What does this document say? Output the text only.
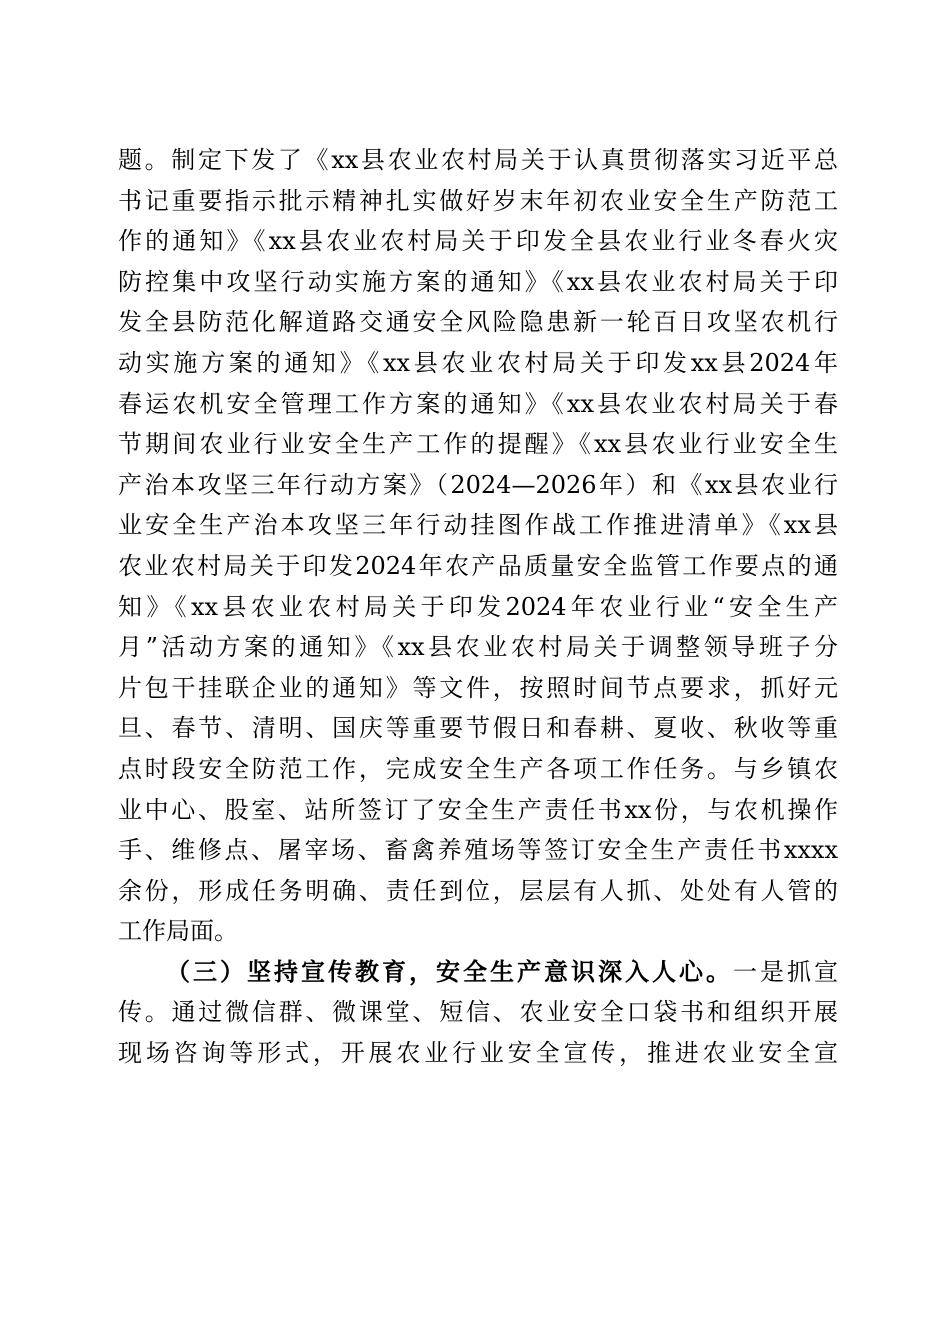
题。制定下发了《xx县农业农村局关于认真贯彻落实习近平总
书记重要指示批示精神扎实做好岁末年初农业安全生产防范工
作的通知》《xx县农业农村局关于印发全县农业行业冬春火灾
防控集中攻坚行动实施方案的通知》《xx县农业农村局关于印
发全县防范化解道路交通安全风险隐患新一轮百日攻坚农机行
动实施方案的通知》《xx县农业农村局关于印发xx县2024年
春运农机安全管理工作方案的通知》《xx县农业农村局关于春
节期间农业行业安全生产工作的提醒》《xx县农业行业安全生
产治本攻坚三年行动方案》（2024—2026年）和《xx县农业行
业安全生产治本攻坚三年行动挂图作战工作推进清单》《xx县
农业农村局关于印发2024年农产品质量安全监管工作要点的通
知》《xx县农业农村局关于印发2024年农业行业“安全生产
月”活动方案的通知》《xx县农业农村局关于调整领导班子分
片包干挂联企业的通知》等文件，按照时间节点要求，抓好元
旦、春节、清明、国庆等重要节假日和春耕、夏收、秋收等重
点时段安全防范工作，完成安全生产各项工作任务。与乡镇农
业中心、股室、站所签订了安全生产责任书xx份，与农机操作
手、维修点、屠宰场、畜禽养殖场等签订安全生产责任书xxxx
余份，形成任务明确、责任到位，层层有人抓、处处有人管的
工作局面。
（三）坚持宣传教育，安全生产意识深入人心。一是抓宣
传。通过微信群、微课堂、短信、农业安全口袋书和组织开展
现场咨询等形式，开展农业行业安全宣传，推进农业安全宣
